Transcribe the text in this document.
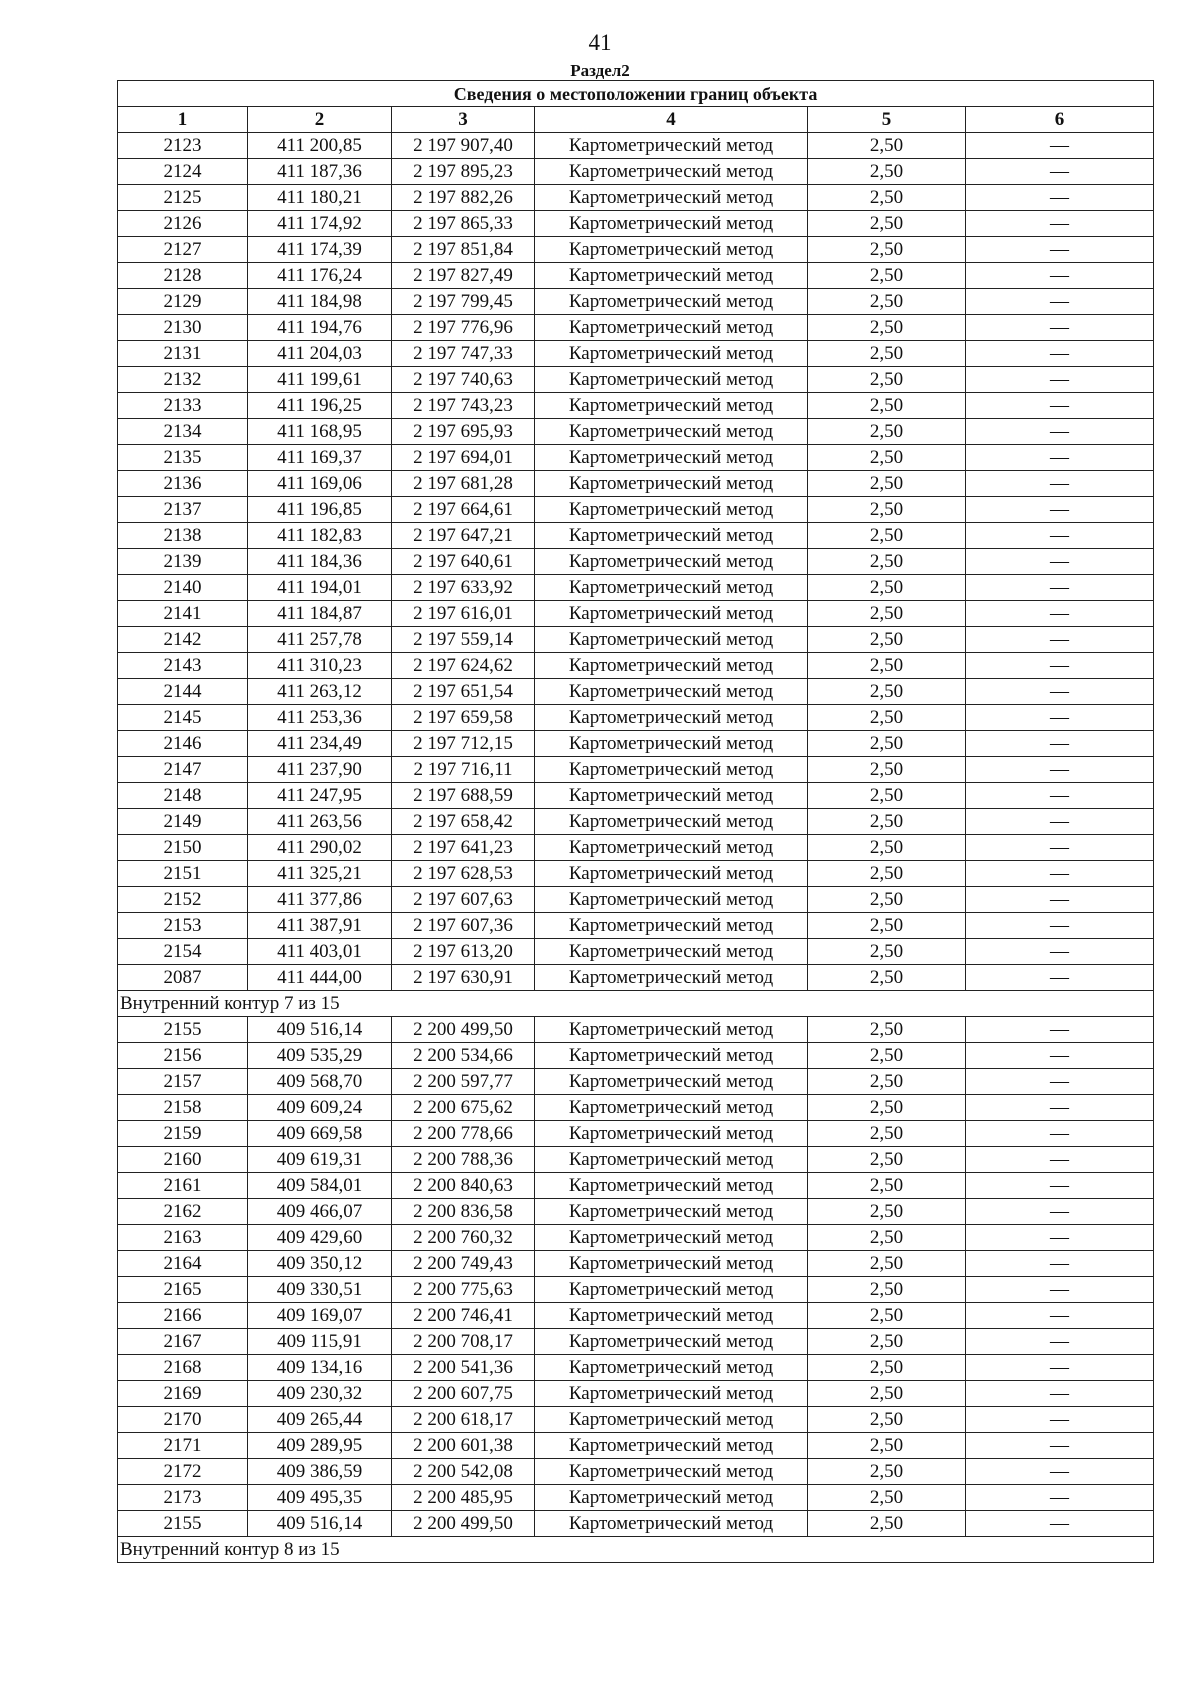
41
Раздел2
Сведения о местоположении границ объекта					
1	2	3	4	5	6
2123	411 200,85	2 197 907,40	Картометрический метод	2,50	—
2124	411 187,36	2 197 895,23	Картометрический метод	2,50	—
2125	411 180,21	2 197 882,26	Картометрический метод	2,50	—
2126	411 174,92	2 197 865,33	Картометрический метод	2,50	—
2127	411 174,39	2 197 851,84	Картометрический метод	2,50	—
2128	411 176,24	2 197 827,49	Картометрический метод	2,50	—
2129	411 184,98	2 197 799,45	Картометрический метод	2,50	—
2130	411 194,76	2 197 776,96	Картометрический метод	2,50	—
2131	411 204,03	2 197 747,33	Картометрический метод	2,50	—
2132	411 199,61	2 197 740,63	Картометрический метод	2,50	—
2133	411 196,25	2 197 743,23	Картометрический метод	2,50	—
2134	411 168,95	2 197 695,93	Картометрический метод	2,50	—
2135	411 169,37	2 197 694,01	Картометрический метод	2,50	—
2136	411 169,06	2 197 681,28	Картометрический метод	2,50	—
2137	411 196,85	2 197 664,61	Картометрический метод	2,50	—
2138	411 182,83	2 197 647,21	Картометрический метод	2,50	—
2139	411 184,36	2 197 640,61	Картометрический метод	2,50	—
2140	411 194,01	2 197 633,92	Картометрический метод	2,50	—
2141	411 184,87	2 197 616,01	Картометрический метод	2,50	—
2142	411 257,78	2 197 559,14	Картометрический метод	2,50	—
2143	411 310,23	2 197 624,62	Картометрический метод	2,50	—
2144	411 263,12	2 197 651,54	Картометрический метод	2,50	—
2145	411 253,36	2 197 659,58	Картометрический метод	2,50	—
2146	411 234,49	2 197 712,15	Картометрический метод	2,50	—
2147	411 237,90	2 197 716,11	Картометрический метод	2,50	—
2148	411 247,95	2 197 688,59	Картометрический метод	2,50	—
2149	411 263,56	2 197 658,42	Картометрический метод	2,50	—
2150	411 290,02	2 197 641,23	Картометрический метод	2,50	—
2151	411 325,21	2 197 628,53	Картометрический метод	2,50	—
2152	411 377,86	2 197 607,63	Картометрический метод	2,50	—
2153	411 387,91	2 197 607,36	Картометрический метод	2,50	—
2154	411 403,01	2 197 613,20	Картометрический метод	2,50	—
2087	411 444,00	2 197 630,91	Картометрический метод	2,50	—
Внутренний контур 7 из 15					
2155	409 516,14	2 200 499,50	Картометрический метод	2,50	—
2156	409 535,29	2 200 534,66	Картометрический метод	2,50	—
2157	409 568,70	2 200 597,77	Картометрический метод	2,50	—
2158	409 609,24	2 200 675,62	Картометрический метод	2,50	—
2159	409 669,58	2 200 778,66	Картометрический метод	2,50	—
2160	409 619,31	2 200 788,36	Картометрический метод	2,50	—
2161	409 584,01	2 200 840,63	Картометрический метод	2,50	—
2162	409 466,07	2 200 836,58	Картометрический метод	2,50	—
2163	409 429,60	2 200 760,32	Картометрический метод	2,50	—
2164	409 350,12	2 200 749,43	Картометрический метод	2,50	—
2165	409 330,51	2 200 775,63	Картометрический метод	2,50	—
2166	409 169,07	2 200 746,41	Картометрический метод	2,50	—
2167	409 115,91	2 200 708,17	Картометрический метод	2,50	—
2168	409 134,16	2 200 541,36	Картометрический метод	2,50	—
2169	409 230,32	2 200 607,75	Картометрический метод	2,50	—
2170	409 265,44	2 200 618,17	Картометрический метод	2,50	—
2171	409 289,95	2 200 601,38	Картометрический метод	2,50	—
2172	409 386,59	2 200 542,08	Картометрический метод	2,50	—
2173	409 495,35	2 200 485,95	Картометрический метод	2,50	—
2155	409 516,14	2 200 499,50	Картометрический метод	2,50	—
Внутренний контур 8 из 15					
